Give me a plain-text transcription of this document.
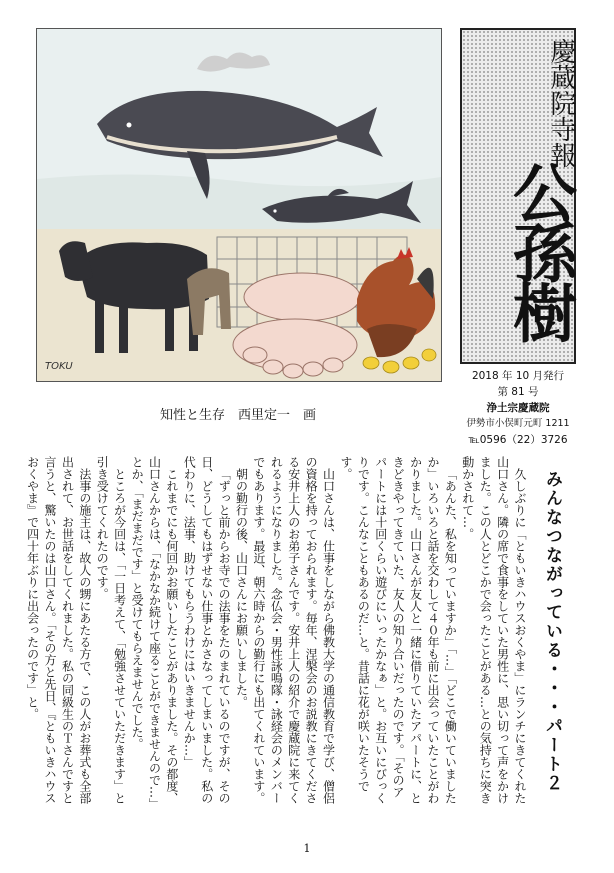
TOKU
知性と生存　西里定一　画
慶蔵院寺報
公孫樹
2018 年 10 月発行
第 81 号
浄土宗慶蔵院
伊勢市小俣町元町 1211
℡0596（22）3726
みんなつながっている・・・パート２

久しぶりに「ともいきハウスおくやま」にランチにきてくれた山口さん。隣の席で食事をしていた男性に、思い切って声をかけました。この人とどこかで会ったことがある…との気持ちに突き動かされて…。

「あんた、私を知っていますか」「…」「どこで働いていましたか」いろいろと話を交わして４０年も前に出会っていたことがわかりました。山口さんが友人と一緒に借りていたアパートに、ときどきやってきていた、友人の知り合いだったのです。「そのアパートには十回くらい遊びにいったかなぁ」と。お互いにびっくりです。こんなこともあるのだ…と。昔話に花が咲いたそうです。

山口さんは、仕事をしながら佛教大学の通信教育で学び、僧侶の資格を持っておられます。毎年、涅槃会のお説教にきてくださる安井上人のお弟子さんです。安井上人の紹介で慶蔵院に来てくれるようになりました。念仏会・男性詠鳴隊・詠経会のメンバーでもあります。最近、朝六時からの勤行にも出てくれています。

朝の勤行の後、山口さんにお願いしました。

「ずっと前からお寺での法事をたのまれているのですが、その日、どうしてもはずせない仕事とかさなってしまいました。私の代わりに、法事、助けてもらうわけにはいきませんか…」

これまでにも何回かお願いしたことがありました。その都度、山口さんからは、「なかなか続けて座ることができませんので…」とか、「まだまだです」と受けてもらえませんでした。

ところが今回は、「一日考えて、「勉強させていただきます」と引き受けてくれたのです。

法事の施主は、故人の甥にあたる方で、この人がお葬式も全部出されて、お世話をしてくれました。私の同級生のＴさんですと言うと、驚いたのは山口さん。「その方と先日、『ともいきハウスおくやま』で四十年ぶりに出会ったのです」と。

1
